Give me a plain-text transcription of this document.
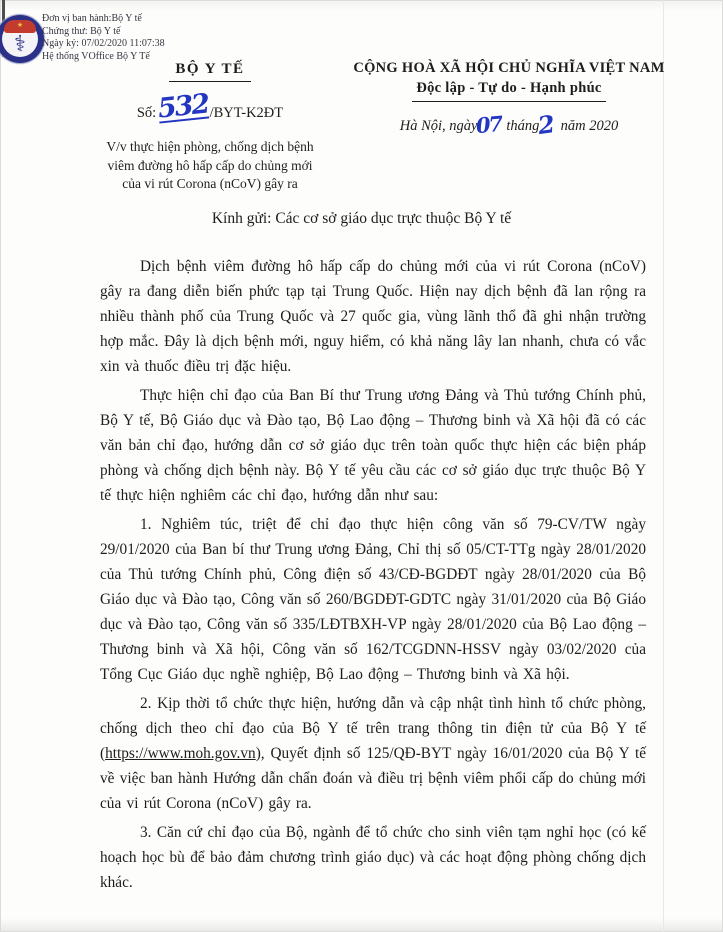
★
⚕
Đơn vị ban hành:Bộ Y tế
Chứng thư: Bộ Y tế
Ngày ký: 07/02/2020 11:07:38
Hệ thống VOffice Bộ Y Tế
BỘ Y TẾ
Số:532/BYT-K2ĐT
V/v thực hiện phòng, chống dịch bệnh
viêm đường hô hấp cấp do chủng mới
của vi rút Corona (nCoV) gây ra
CỘNG HOÀ XÃ HỘI CHỦ NGHĨA VIỆT NAM
Độc lập - Tự do - Hạnh phúc
Hà Nội, ngày07 tháng2 năm 2020
Kính gửi: Các cơ sở giáo dục trực thuộc Bộ Y tế

Dịch bệnh viêm đường hô hấp cấp do chủng mới của vi rút Corona (nCoV) gây ra đang diễn biến phức tạp tại Trung Quốc. Hiện nay dịch bệnh đã lan rộng ra nhiều thành phố của Trung Quốc và 27 quốc gia, vùng lãnh thổ đã ghi nhận trường hợp mắc. Đây là dịch bệnh mới, nguy hiểm, có khả năng lây lan nhanh, chưa có vắc xin và thuốc điều trị đặc hiệu.

Thực hiện chỉ đạo của Ban Bí thư Trung ương Đảng và Thủ tướng Chính phủ, Bộ Y tế, Bộ Giáo dục và Đào tạo, Bộ Lao động – Thương binh và Xã hội đã có các văn bản chỉ đạo, hướng dẫn cơ sở giáo dục trên toàn quốc thực hiện các biện pháp phòng và chống dịch bệnh này. Bộ Y tế yêu cầu các cơ sở giáo dục trực thuộc Bộ Y tế thực hiện nghiêm các chỉ đạo, hướng dẫn như sau:

1. Nghiêm túc, triệt để chỉ đạo thực hiện công văn số 79-CV/TW ngày 29/01/2020 của Ban bí thư Trung ương Đảng, Chỉ thị số 05/CT-TTg ngày 28/01/2020 của Thủ tướng Chính phủ, Công điện số 43/CĐ-BGDĐT ngày 28/01/2020 của Bộ Giáo dục và Đào tạo, Công văn số 260/BGDĐT-GDTC ngày 31/01/2020 của Bộ Giáo dục và Đào tạo, Công văn số 335/LĐTBXH-VP ngày 28/01/2020 của Bộ Lao động – Thương binh và Xã hội, Công văn số 162/TCGDNN-HSSV ngày 03/02/2020 của Tổng Cục Giáo dục nghề nghiệp, Bộ Lao động – Thương binh và Xã hội.

2. Kịp thời tổ chức thực hiện, hướng dẫn và cập nhật tình hình tổ chức phòng, chống dịch theo chỉ đạo của Bộ Y tế trên trang thông tin điện tử của Bộ Y tế (https://www.moh.gov.vn), Quyết định số 125/QĐ-BYT ngày 16/01/2020 của Bộ Y tế về việc ban hành Hướng dẫn chẩn đoán và điều trị bệnh viêm phổi cấp do chủng mới của vi rút Corona (nCoV) gây ra.

3. Căn cứ chỉ đạo của Bộ, ngành để tổ chức cho sinh viên tạm nghỉ học (có kế hoạch học bù để bảo đảm chương trình giáo dục) và các hoạt động phòng chống dịch khác.
